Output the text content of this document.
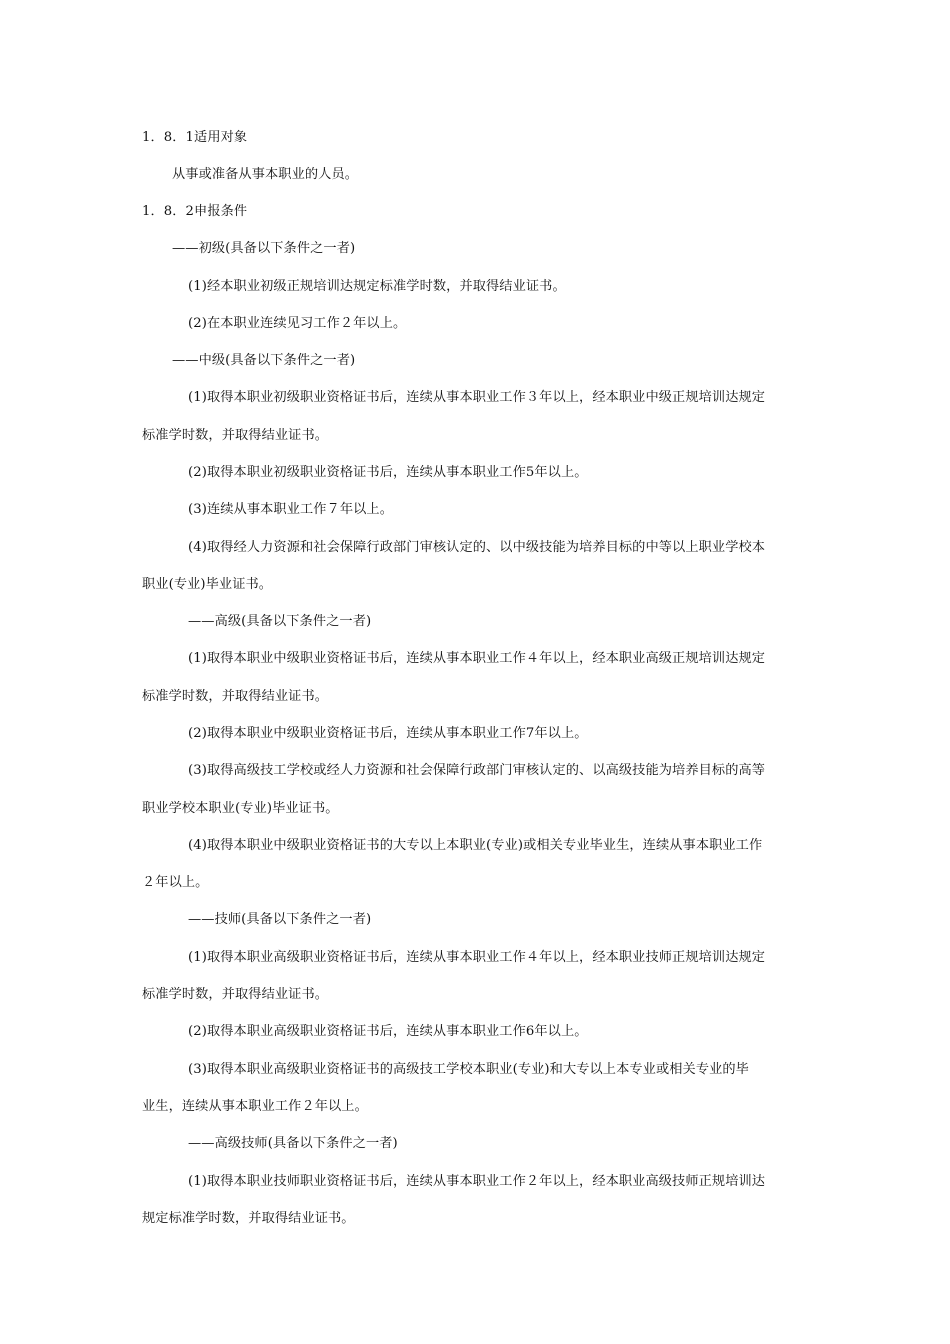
1．8．1适用对象
从事或准备从事本职业的人员。
1．8．2申报条件
——初级(具备以下条件之一者)
(1)经本职业初级正规培训达规定标准学时数，并取得结业证书。
(2)在本职业连续见习工作２年以上。
——中级(具备以下条件之一者)
(1)取得本职业初级职业资格证书后，连续从事本职业工作３年以上，经本职业中级正规培训达规定
标准学时数，并取得结业证书。
(2)取得本职业初级职业资格证书后，连续从事本职业工作5年以上。
(3)连续从事本职业工作７年以上。
(4)取得经人力资源和社会保障行政部门审核认定的、以中级技能为培养目标的中等以上职业学校本
职业(专业)毕业证书。
——高级(具备以下条件之一者)
(1)取得本职业中级职业资格证书后，连续从事本职业工作４年以上，经本职业高级正规培训达规定
标准学时数，并取得结业证书。
(2)取得本职业中级职业资格证书后，连续从事本职业工作7年以上。
(3)取得高级技工学校或经人力资源和社会保障行政部门审核认定的、以高级技能为培养目标的高等
职业学校本职业(专业)毕业证书。
(4)取得本职业中级职业资格证书的大专以上本职业(专业)或相关专业毕业生，连续从事本职业工作
２年以上。
——技师(具备以下条件之一者)
(1)取得本职业高级职业资格证书后，连续从事本职业工作４年以上，经本职业技师正规培训达规定
标准学时数，并取得结业证书。
(2)取得本职业高级职业资格证书后，连续从事本职业工作6年以上。
(3)取得本职业高级职业资格证书的高级技工学校本职业(专业)和大专以上本专业或相关专业的毕
业生，连续从事本职业工作２年以上。
——高级技师(具备以下条件之一者)
(1)取得本职业技师职业资格证书后，连续从事本职业工作２年以上，经本职业高级技师正规培训达
规定标准学时数，并取得结业证书。
